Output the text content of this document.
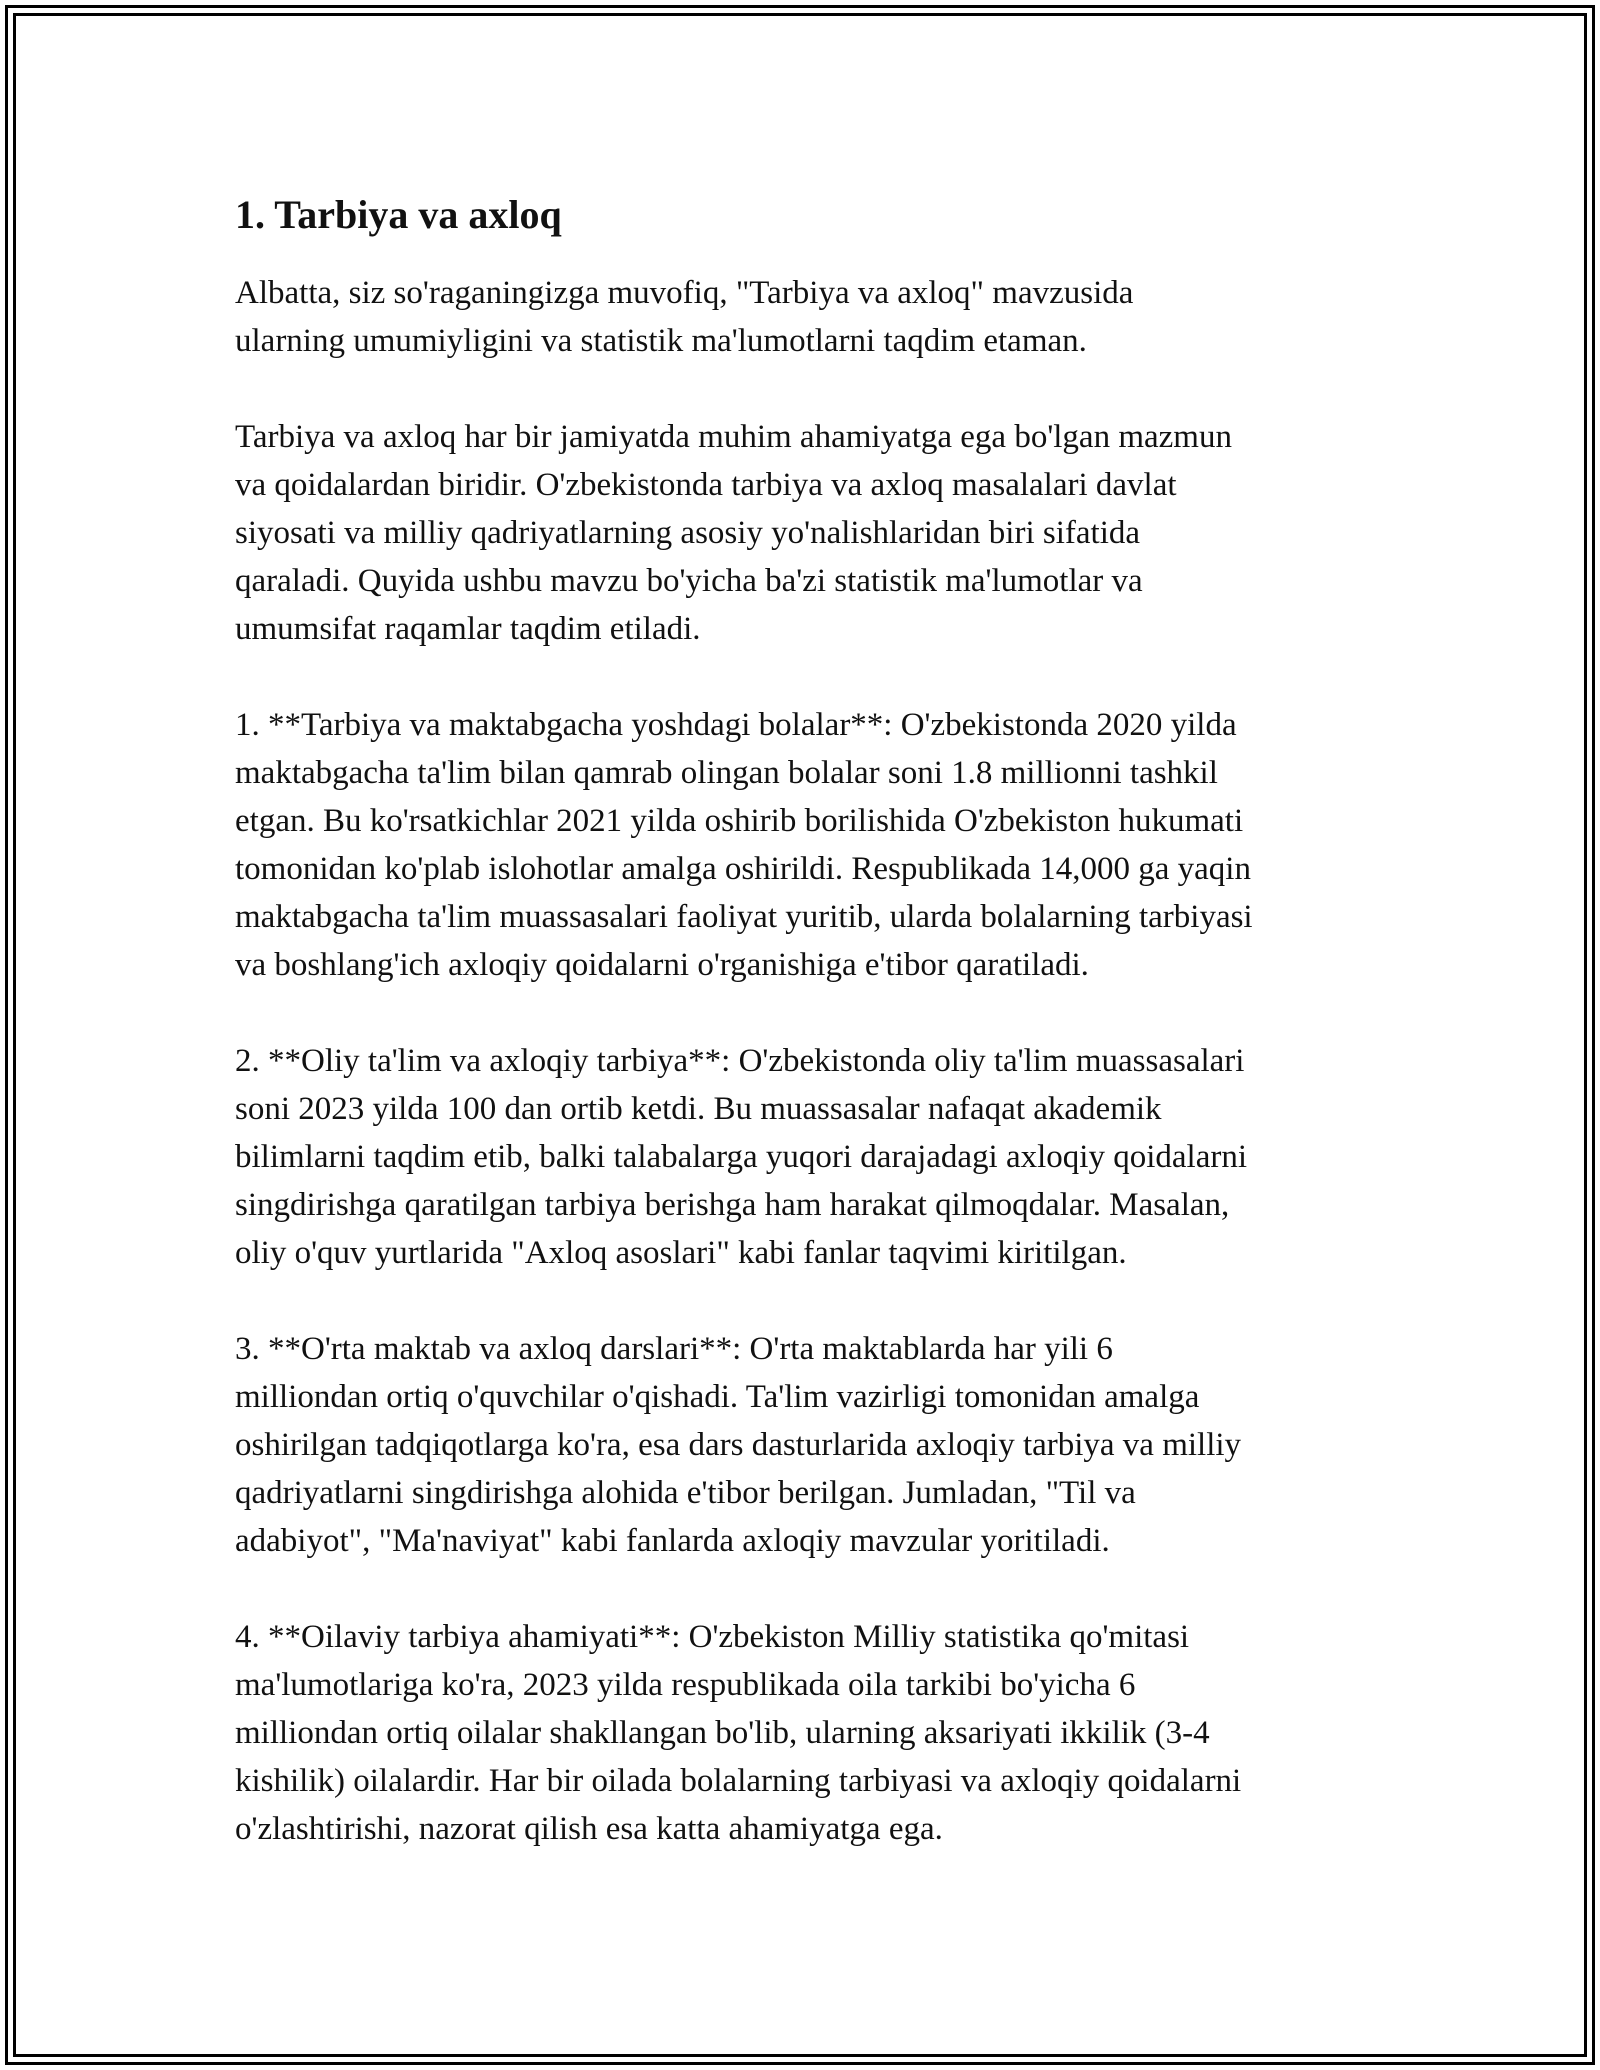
1. Tarbiya va axloq

Albatta, siz so'raganingizga muvofiq, "Tarbiya va axloq" mavzusida
ularning umumiyligini va statistik ma'lumotlarni taqdim etaman.

Tarbiya va axloq har bir jamiyatda muhim ahamiyatga ega bo'lgan mazmun
va qoidalardan biridir. O'zbekistonda tarbiya va axloq masalalari davlat
siyosati va milliy qadriyatlarning asosiy yo'nalishlaridan biri sifatida
qaraladi. Quyida ushbu mavzu bo'yicha ba'zi statistik ma'lumotlar va
umumsifat raqamlar taqdim etiladi.

1. **Tarbiya va maktabgacha yoshdagi bolalar**: O'zbekistonda 2020 yilda
maktabgacha ta'lim bilan qamrab olingan bolalar soni 1.8 millionni tashkil
etgan. Bu ko'rsatkichlar 2021 yilda oshirib borilishida O'zbekiston hukumati
tomonidan ko'plab islohotlar amalga oshirildi. Respublikada 14,000 ga yaqin
maktabgacha ta'lim muassasalari faoliyat yuritib, ularda bolalarning tarbiyasi
va boshlang'ich axloqiy qoidalarni o'rganishiga e'tibor qaratiladi.

2. **Oliy ta'lim va axloqiy tarbiya**: O'zbekistonda oliy ta'lim muassasalari
soni 2023 yilda 100 dan ortib ketdi. Bu muassasalar nafaqat akademik
bilimlarni taqdim etib, balki talabalarga yuqori darajadagi axloqiy qoidalarni
singdirishga qaratilgan tarbiya berishga ham harakat qilmoqdalar. Masalan,
oliy o'quv yurtlarida "Axloq asoslari" kabi fanlar taqvimi kiritilgan.

3. **O'rta maktab va axloq darslari**: O'rta maktablarda har yili 6
milliondan ortiq o'quvchilar o'qishadi. Ta'lim vazirligi tomonidan amalga
oshirilgan tadqiqotlarga ko'ra, esa dars dasturlarida axloqiy tarbiya va milliy
qadriyatlarni singdirishga alohida e'tibor berilgan. Jumladan, "Til va
adabiyot", "Ma'naviyat" kabi fanlarda axloqiy mavzular yoritiladi.

4. **Oilaviy tarbiya ahamiyati**: O'zbekiston Milliy statistika qo'mitasi
ma'lumotlariga ko'ra, 2023 yilda respublikada oila tarkibi bo'yicha 6
milliondan ortiq oilalar shakllangan bo'lib, ularning aksariyati ikkilik (3-4
kishilik) oilalardir. Har bir oilada bolalarning tarbiyasi va axloqiy qoidalarni
o'zlashtirishi, nazorat qilish esa katta ahamiyatga ega.
